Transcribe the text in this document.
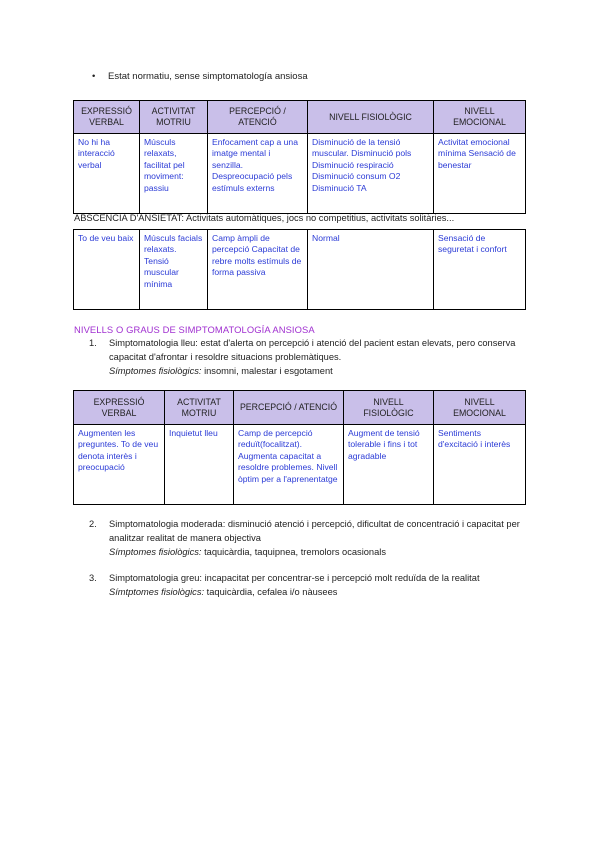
• Estat normatiu, sense simptomatología ansiosa
EXPRESSIÓ VERBAL	ACTIVITAT MOTRIU	PERCEPCIÓ / ATENCIÓ	NIVELL FISIOLÒGIC	NIVELL EMOCIONAL
No hi ha interacció verbal	Músculs relaxats, facilitat pel moviment: passiu	Enfocament cap a una imatge mental i senzilla. Despreocupació pels estímuls externs	Disminució de la tensió muscular. Disminució pols Disminució respiració Disminució consum O2 Disminució TA	Activitat emocional mínima Sensació de benestar
ABSCÈNCIA D'ANSIETAT: Activitats automàtiques, jocs no competitius, activitats solitàries...
To de veu baix	Músculs facials relaxats. Tensió muscular mínima	Camp àmpli de percepció Capacitat de rebre molts estímuls de forma passiva	Normal	Sensació de seguretat i confort
NIVELLS O GRAUS DE SIMPTOMATOLOGÍA ANSIOSA
1. Simptomatologia lleu: estat d'alerta on percepció i atenció del pacient estan elevats, pero conserva capacitat d'afrontar i resoldre situacions problemàtiques.
Símptomes fisiològics: insomni, malestar i esgotament
EXPRESSIÓ VERBAL	ACTIVITAT MOTRIU	PERCEPCIÓ / ATENCIÓ	NIVELL FISIOLÒGIC	NIVELL EMOCIONAL
Augmenten les preguntes. To de veu denota interès i preocupació	Inquietut lleu	Camp de percepció reduït(focalitzat). Augmenta capacitat a resoldre problemes. Nivell òptim per a l'aprenentatge	Augment de tensió tolerable i fins i tot agradable	Sentiments d'excitació i interès
2. Simptomatologia moderada: disminució atenció i percepció, dificultat de concentració i capacitat per analitzar realitat de manera objectiva
Símptomes fisiològics: taquicàrdia, taquipnea, tremolors ocasionals
3. Simptomatologia greu: incapacitat per concentrar-se i percepció molt reduïda de la realitat
Símtptomes fisiològics: taquicàrdia, cefalea i/o nàusees
